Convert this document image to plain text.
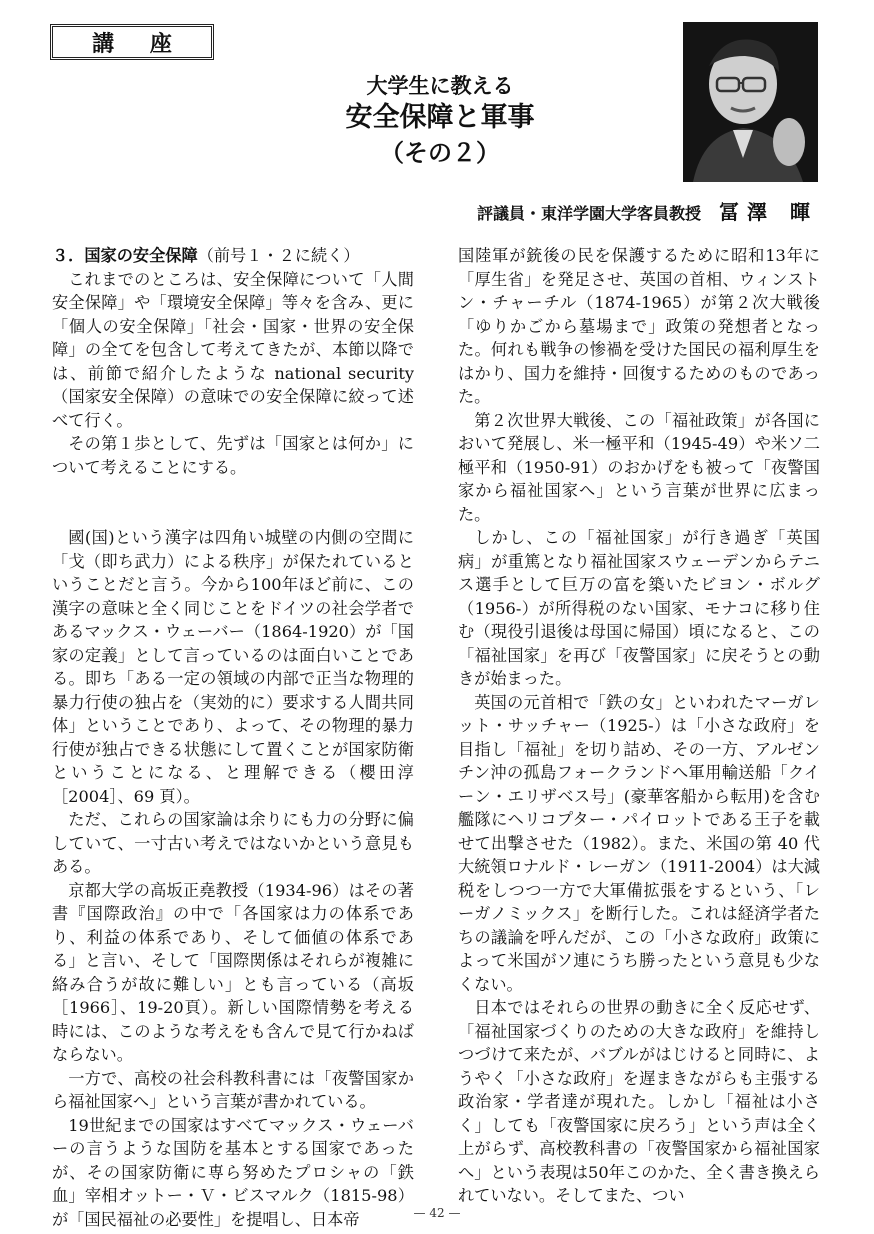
講 座
大学生に教える
安全保障と軍事
（その２）
評議員・東洋学園大学客員教授 冨澤 暉

３．国家の安全保障（前号１・２に続く）

これまでのところは、安全保障について「人間安全保障」や「環境安全保障」等々を含み、更に「個人の安全保障」「社会・国家・世界の安全保障」の全てを包含して考えてきたが、本節以降では、前節で紹介したような national security （国家安全保障）の意味での安全保障に絞って述べて行く。

その第１歩として、先ずは「国家とは何か」について考えることにする。

國(国)という漢字は四角い城壁の内側の空間に「戈（即ち武力）による秩序」が保たれているということだと言う。今から100年ほど前に、この漢字の意味と全く同じことをドイツの社会学者であるマックス・ウェーバー（1864-1920）が「国家の定義」として言っているのは面白いことである。即ち「ある一定の領域の内部で正当な物理的暴力行使の独占を（実効的に）要求する人間共同体」ということであり、よって、その物理的暴力行使が独占できる状態にして置くことが国家防衛ということになる、と理解できる（櫻田淳［2004］、69 頁）。

ただ、これらの国家論は余りにも力の分野に偏していて、一寸古い考えではないかという意見もある。

京都大学の高坂正堯教授（1934-96）はその著書『国際政治』の中で「各国家は力の体系であり、利益の体系であり、そして価値の体系である」と言い、そして「国際関係はそれらが複雑に絡み合うが故に難しい」とも言っている（高坂［1966］、19-20頁）。新しい国際情勢を考える時には、このような考えをも含んで見て行かねばならない。

一方で、高校の社会科教科書には「夜警国家から福祉国家へ」という言葉が書かれている。

19世紀までの国家はすべてマックス・ウェーバーの言うような国防を基本とする国家であったが、その国家防衛に専ら努めたプロシャの「鉄血」宰相オットー・Ｖ・ビスマルク（1815-98）が「国民福祉の必要性」を提唱し、日本帝

国陸軍が銃後の民を保護するために昭和13年に「厚生省」を発足させ、英国の首相、ウィンストン・チャーチル（1874-1965）が第２次大戦後「ゆりかごから墓場まで」政策の発想者となった。何れも戦争の惨禍を受けた国民の福利厚生をはかり、国力を維持・回復するためのものであった。

第２次世界大戦後、この「福祉政策」が各国において発展し、米一極平和（1945-49）や米ソ二極平和（1950-91）のおかげをも被って「夜警国家から福祉国家へ」という言葉が世界に広まった。

しかし、この「福祉国家」が行き過ぎ「英国病」が重篤となり福祉国家スウェーデンからテニス選手として巨万の富を築いたビヨン・ボルグ（1956-）が所得税のない国家、モナコに移り住む（現役引退後は母国に帰国）頃になると、この「福祉国家」を再び「夜警国家」に戻そうとの動きが始まった。

英国の元首相で「鉄の女」といわれたマーガレット・サッチャー（1925-）は「小さな政府」を目指し「福祉」を切り詰め、その一方、アルゼンチン沖の孤島フォークランドへ軍用輸送船「クイーン・エリザベス号」(豪華客船から転用)を含む艦隊にヘリコプター・パイロットである王子を載せて出撃させた（1982）。また、米国の第 40 代大統領ロナルド・レーガン（1911-2004）は大減税をしつつ一方で大軍備拡張をするという、「レーガノミックス」を断行した。これは経済学者たちの議論を呼んだが、この「小さな政府」政策によって米国がソ連にうち勝ったという意見も少なくない。

日本ではそれらの世界の動きに全く反応せず、「福祉国家づくりのための大きな政府」を維持しつづけて来たが、バブルがはじけると同時に、ようやく「小さな政府」を遅まきながらも主張する政治家・学者達が現れた。しかし「福祉は小さく」しても「夜警国家に戻ろう」という声は全く上がらず、高校教科書の「夜警国家から福祉国家へ」という表現は50年このかた、全く書き換えられていない。そしてまた、つい

— 42 —
